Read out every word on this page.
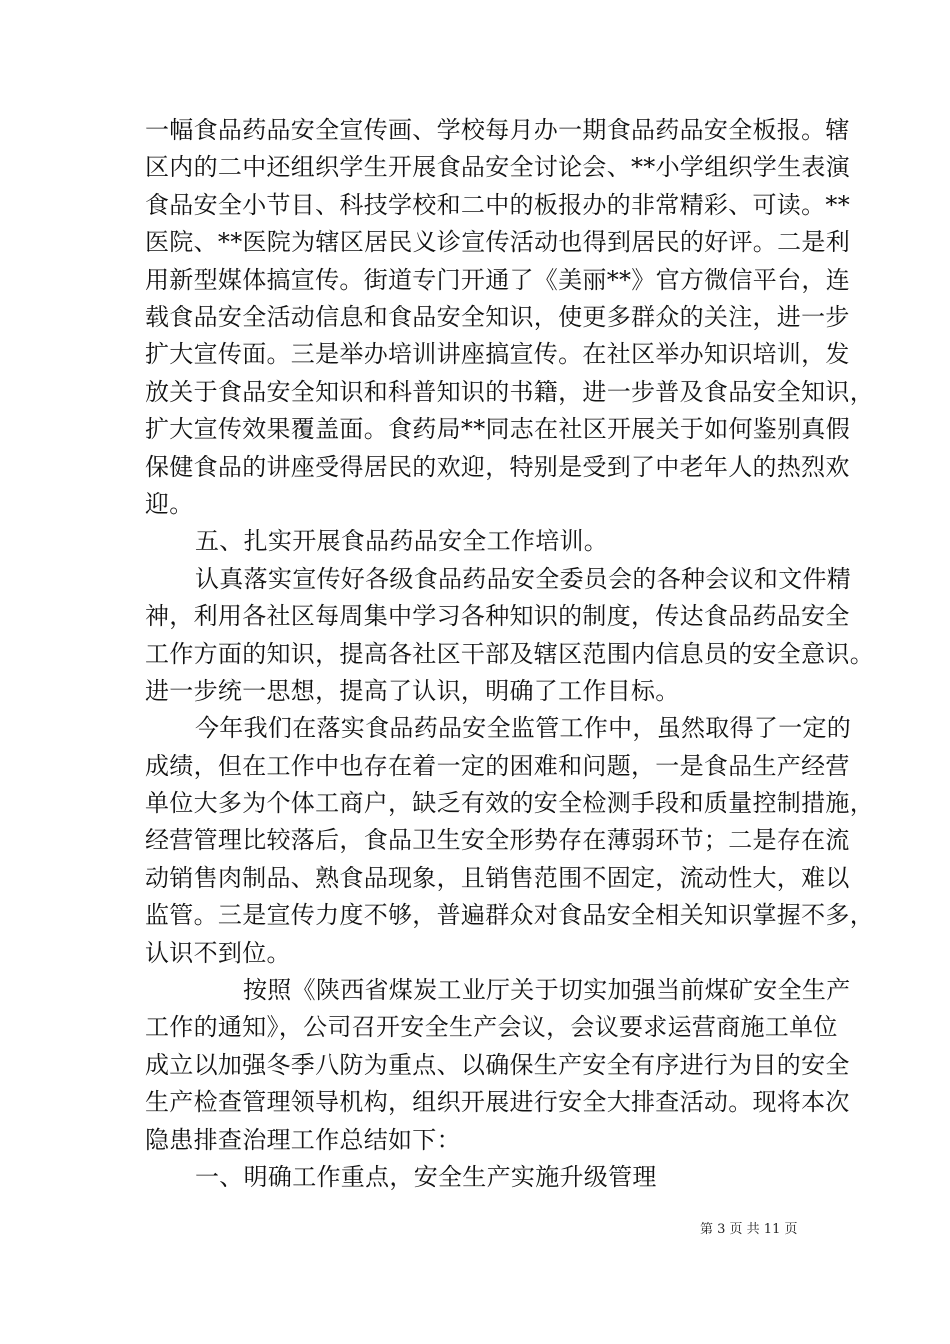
一幅食品药品安全宣传画、学校每月办一期食品药品安全板报。辖
区内的二中还组织学生开展食品安全讨论会、**小学组织学生表演
食品安全小节目、科技学校和二中的板报办的非常精彩、可读。**
医院、**医院为辖区居民义诊宣传活动也得到居民的好评。二是利
用新型媒体搞宣传。街道专门开通了《美丽**》官方微信平台，连
载食品安全活动信息和食品安全知识，使更多群众的关注，进一步
扩大宣传面。三是举办培训讲座搞宣传。在社区举办知识培训，发
放关于食品安全知识和科普知识的书籍，进一步普及食品安全知识，
扩大宣传效果覆盖面。食药局**同志在社区开展关于如何鉴别真假
保健食品的讲座受得居民的欢迎，特别是受到了中老年人的热烈欢
迎。
五、扎实开展食品药品安全工作培训。
认真落实宣传好各级食品药品安全委员会的各种会议和文件精
神，利用各社区每周集中学习各种知识的制度，传达食品药品安全
工作方面的知识，提高各社区干部及辖区范围内信息员的安全意识。
进一步统一思想，提高了认识，明确了工作目标。
今年我们在落实食品药品安全监管工作中，虽然取得了一定的
成绩，但在工作中也存在着一定的困难和问题，一是食品生产经营
单位大多为个体工商户，缺乏有效的安全检测手段和质量控制措施，
经营管理比较落后，食品卫生安全形势存在薄弱环节；二是存在流
动销售肉制品、熟食品现象，且销售范围不固定，流动性大，难以
监管。三是宣传力度不够，普遍群众对食品安全相关知识掌握不多，
认识不到位。
按照《陕西省煤炭工业厅关于切实加强当前煤矿安全生产
工作的通知》，公司召开安全生产会议，会议要求运营商施工单位
成立以加强冬季八防为重点、以确保生产安全有序进行为目的安全
生产检查管理领导机构，组织开展进行安全大排查活动。现将本次
隐患排查治理工作总结如下：
一、明确工作重点，安全生产实施升级管理
第 3 页 共 11 页
